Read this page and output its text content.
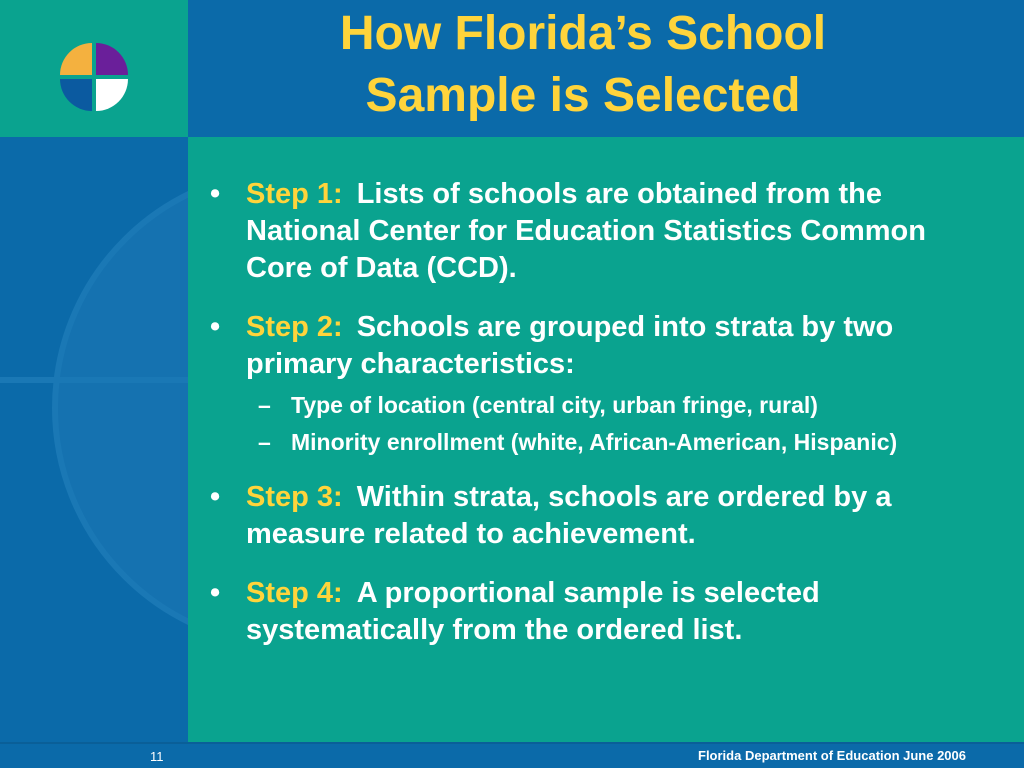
How Florida’s School
Sample is Selected
• Step 1: Lists of schools are obtained from the National Center for Education Statistics Common Core of Data (CCD).
• Step 2: Schools are grouped into strata by two primary characteristics:
– Type of location (central city, urban fringe, rural)
– Minority enrollment (white, African-American, Hispanic)
• Step 3: Within strata, schools are ordered by a measure related to achievement.
• Step 4: A proportional sample is selected systematically from the ordered list.
11	Florida Department of Education June 2006
